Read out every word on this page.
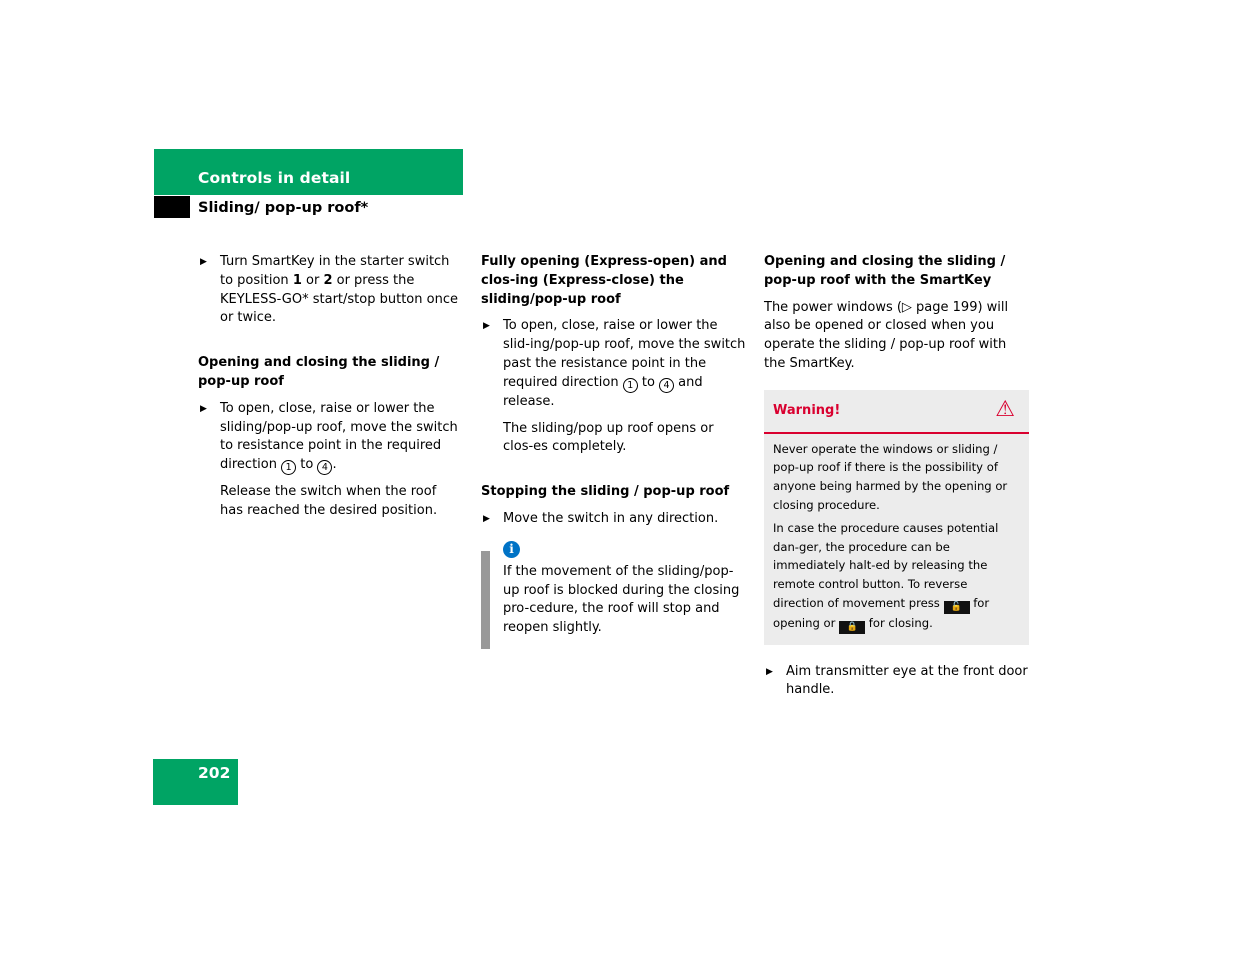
Controls in detail
Sliding/ pop-up roof*
▶ Turn SmartKey in the starter switch to position 1 or 2 or press the KEYLESS-GO* start/stop button once or twice.
Opening and closing the sliding / pop-up roof
▶ To open, close, raise or lower the sliding/pop-up roof, move the switch to resistance point in the required direction 1 to 4 .
Release the switch when the roof has reached the desired position.
Fully opening (Express-open) and clos-ing (Express-close) the sliding/pop-up roof
▶ To open, close, raise or lower the slid-ing/pop-up roof, move the switch past the resistance point in the required direction 1 to 4 and release.
The sliding/pop up roof opens or clos-es completely.
Stopping the sliding / pop-up roof
▶ Move the switch in any direction.
i
If the movement of the sliding/pop-up roof is blocked during the closing pro-cedure, the roof will stop and reopen slightly.
Opening and closing the sliding / pop-up roof with the SmartKey
The power windows (▷ page 199) will also be opened or closed when you operate the sliding / pop-up roof with the SmartKey.
Warning!	⚠

Never operate the windows or sliding / pop-up roof if there is the possibility of anyone being harmed by the opening or closing procedure.

In case the procedure causes potential dan-ger, the procedure can be immediately halt-ed by releasing the remote control button. To reverse direction of movement press 🔓 for opening or 🔒 for closing.

▶ Aim transmitter eye at the front door handle.
202
